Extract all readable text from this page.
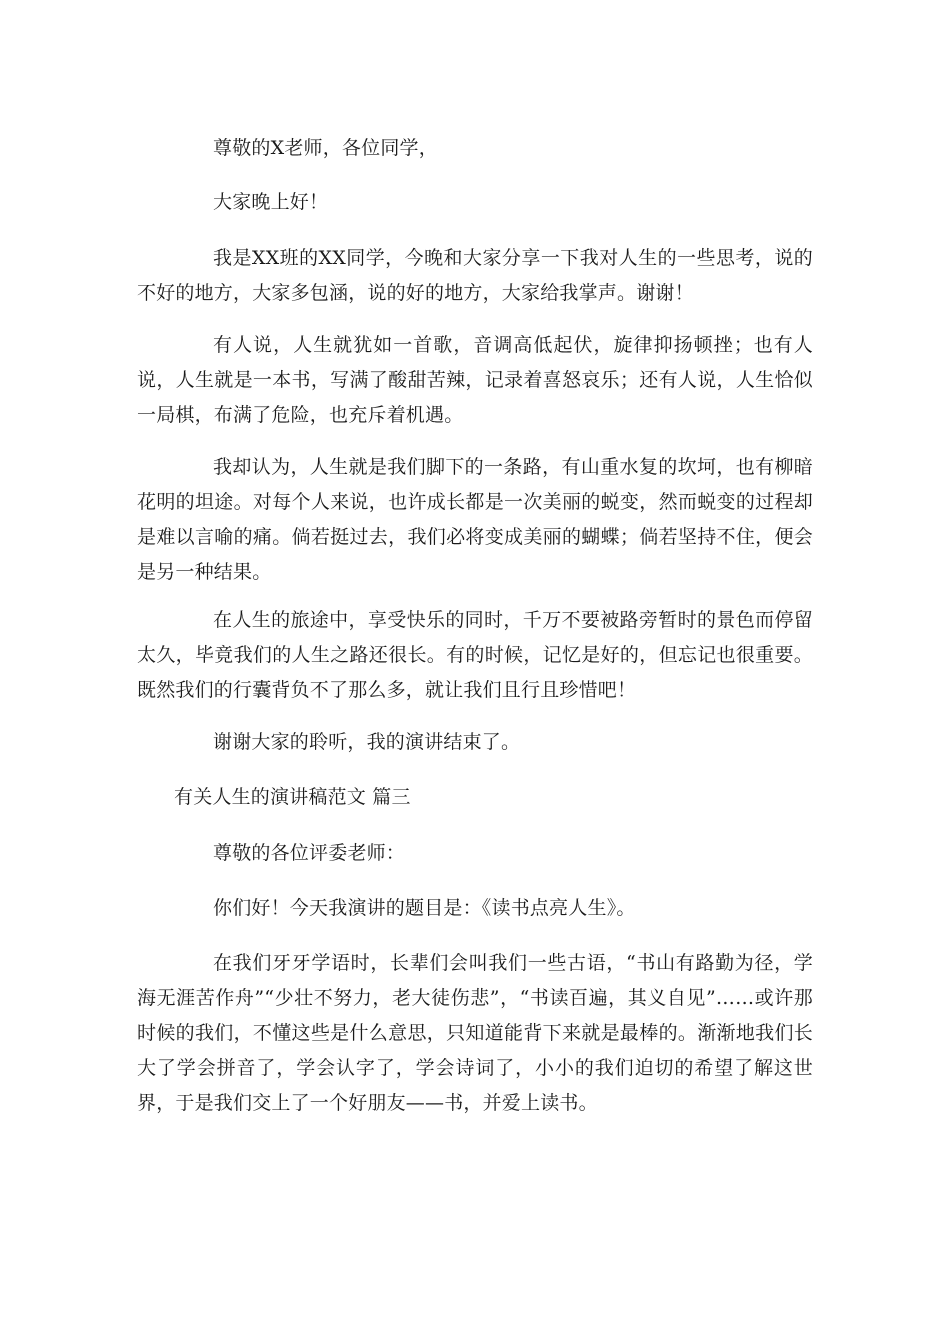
尊敬的X老师，各位同学，

大家晚上好！

我是XX班的XX同学，今晚和大家分享一下我对人生的一些思考，说的不好的地方，大家多包涵，说的好的地方，大家给我掌声。谢谢！

有人说，人生就犹如一首歌，音调高低起伏，旋律抑扬顿挫；也有人说，人生就是一本书，写满了酸甜苦辣，记录着喜怒哀乐；还有人说，人生恰似一局棋，布满了危险，也充斥着机遇。

我却认为，人生就是我们脚下的一条路，有山重水复的坎坷，也有柳暗花明的坦途。对每个人来说，也许成长都是一次美丽的蜕变，然而蜕变的过程却是难以言喻的痛。倘若挺过去，我们必将变成美丽的蝴蝶；倘若坚持不住，便会是另一种结果。

在人生的旅途中，享受快乐的同时，千万不要被路旁暂时的景色而停留太久，毕竟我们的人生之路还很长。有的时候，记忆是好的，但忘记也很重要。既然我们的行囊背负不了那么多，就让我们且行且珍惜吧！

谢谢大家的聆听，我的演讲结束了。

有关人生的演讲稿范文 篇三

尊敬的各位评委老师：

你们好！今天我演讲的题目是：《读书点亮人生》。

在我们牙牙学语时，长辈们会叫我们一些古语，“书山有路勤为径，学海无涯苦作舟”“少壮不努力，老大徒伤悲”，“书读百遍，其义自见”……或许那时候的我们，不懂这些是什么意思，只知道能背下来就是最棒的。渐渐地我们长大了学会拼音了，学会认字了，学会诗词了，小小的我们迫切的希望了解这世界，于是我们交上了一个好朋友——书，并爱上读书。
